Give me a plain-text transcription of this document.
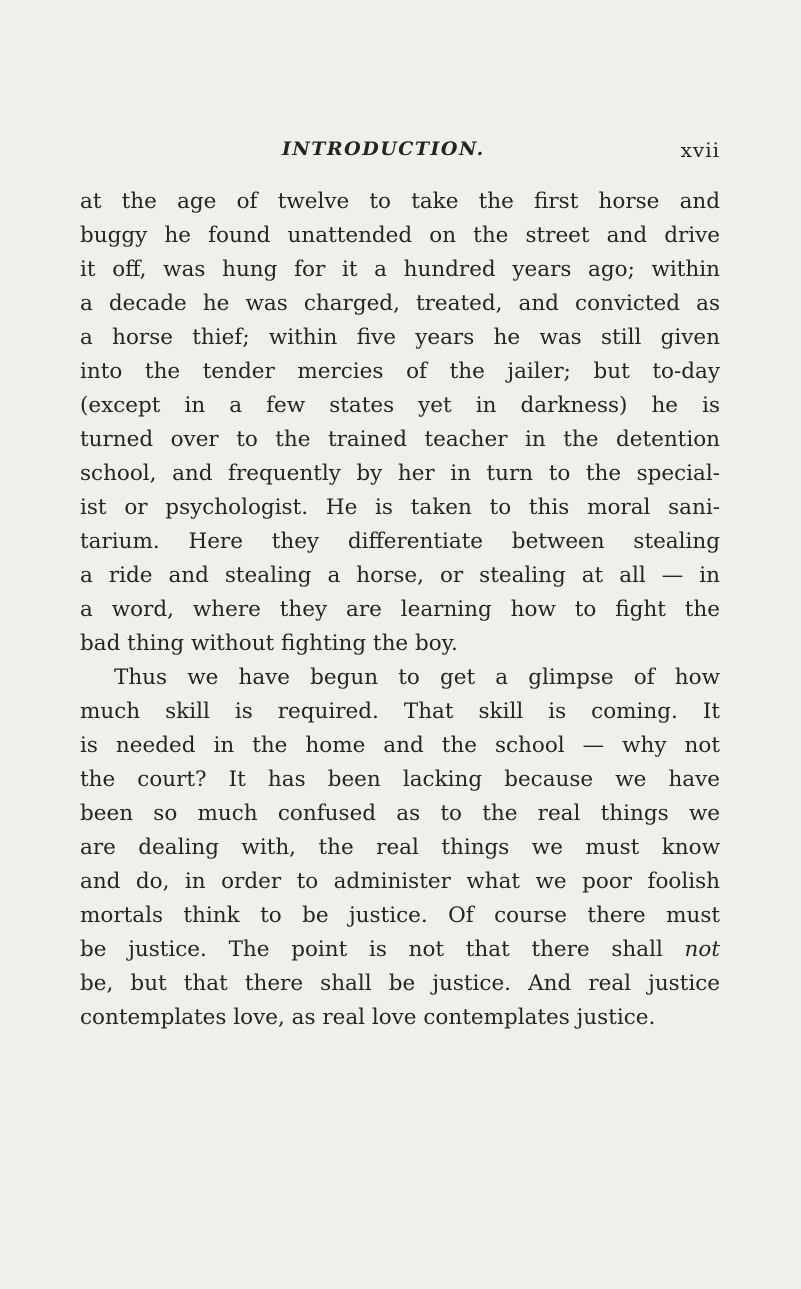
INTRODUCTION.	xvii
at the age of twelve to take the first horse and
buggy he found unattended on the street and drive
it off, was hung for it a hundred years ago; within
a decade he was charged, treated, and convicted as
a horse thief; within five years he was still given
into the tender mercies of the jailer; but to-day
(except in a few states yet in darkness) he is
turned over to the trained teacher in the detention
school, and frequently by her in turn to the special-
ist or psychologist. He is taken to this moral sani-
tarium. Here they differentiate between stealing
a ride and stealing a horse, or stealing at all — in
a word, where they are learning how to fight the
bad thing without fighting the boy.
Thus we have begun to get a glimpse of how
much skill is required. That skill is coming. It
is needed in the home and the school — why not
the court? It has been lacking because we have
been so much confused as to the real things we
are dealing with, the real things we must know
and do, in order to administer what we poor foolish
mortals think to be justice. Of course there must
be justice. The point is not that there shall not
be, but that there shall be justice. And real justice
contemplates love, as real love contemplates justice.
